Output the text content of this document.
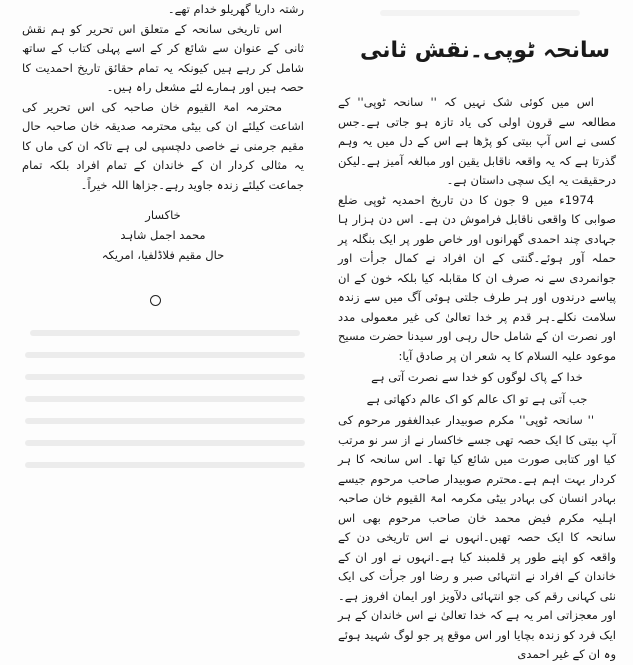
رشتہ داریا گھریلو خدام تھے۔

اس تاریخی سانحہ کے متعلق اس تحریر کو ہم نقش ثانی کے عنوان سے شائع کر کے اسے پہلی کتاب کے ساتھ شامل کر رہے ہیں کیونکہ یہ تمام حقائق تاریخ احمدیت کا حصہ ہیں اور ہمارے لئے مشعل راہ ہیں۔

محترمہ امۃ القیوم خان صاحبہ کی اس تحریر کی اشاعت کیلئے ان کی بیٹی محترمہ صدیقہ خان صاحبہ حال مقیم جرمنی نے خاصی دلچسپی لی ہے تاکہ ان کی ماں کا یہ مثالی کردار ان کے خاندان کے تمام افراد بلکہ تمام جماعت کیلئے زندہ جاوید رہے۔جزاھا اللہ خیراً۔

خاکسار
محمد اجمل شاہد
حال مقیم فلاڈلفیا، امریکہ
سانحہ ٹوپی۔نقش ثانی

اس میں کوئی شک نہیں کہ '' سانحہ ٹوپی'' کے مطالعہ سے قرون اولی کی یاد تازہ ہو جاتی ہے۔جس کسی نے اس آپ بیتی کو پڑھا ہے اس کے دل میں یہ وہم گذرتا ہے کہ یہ واقعہ ناقابل یقین اور مبالغہ آمیز ہے۔لیکن درحقیقت یہ ایک سچی داستان ہے۔

1974ء میں 9 جون کا دن تاریخ احمدیہ ٹوپی ضلع صوابی کا واقعی ناقابل فراموش دن ہے۔ اس دن ہزار ہا جہادی چند احمدی گھرانوں اور خاص طور پر ایک بنگلہ پر حملہ آور ہوئے۔گنتی کے ان افراد نے کمال جرأت اور جوانمردی سے نہ صرف ان کا مقابلہ کیا بلکہ خون کے ان پیاسے درندوں اور ہر طرف جلتی ہوئی آگ میں سے زندہ سلامت نکلے۔ہر قدم پر خدا تعالیٰ کی غیر معمولی مدد اور نصرت ان کے شامل حال رہی اور سیدنا حضرت مسیح موعود علیہ السلام کا یہ شعر ان پر صادق آیا:

خدا کے پاک لوگوں کو خدا سے نصرت آتی ہے
جب آتی ہے تو اک عالم کو اک عالم دکھاتی ہے

'' سانحہ ٹوپی'' مکرم صوبیدار عبدالغفور مرحوم کی آپ بیتی کا ایک حصہ تھی جسے خاکسار نے از سر نو مرتب کیا اور کتابی صورت میں شائع کیا تھا۔ اس سانحہ کا ہر کردار بہت اہم ہے۔محترم صوبیدار صاحب مرحوم جیسے بہادر انسان کی بہادر بیٹی مکرمہ امۃ القیوم خان صاحبہ اہلیہ مکرم فیض محمد خان صاحب مرحوم بھی اس سانحہ کا ایک حصہ تھیں۔انہوں نے اس تاریخی دن کے واقعہ کو اپنے طور پر قلمبند کیا ہے۔انہوں نے اور ان کے خاندان کے افراد نے انتہائی صبر و رضا اور جرأت کی ایک نئی کہانی رقم کی جو انتہائی دلآویز اور ایمان افروز ہے۔اور معجزاتی امر یہ ہے کہ خدا تعالیٰ نے اس خاندان کے ہر ایک فرد کو زندہ بچایا اور اس موقع پر جو لوگ شہید ہوئے وہ ان کے غیر احمدی
